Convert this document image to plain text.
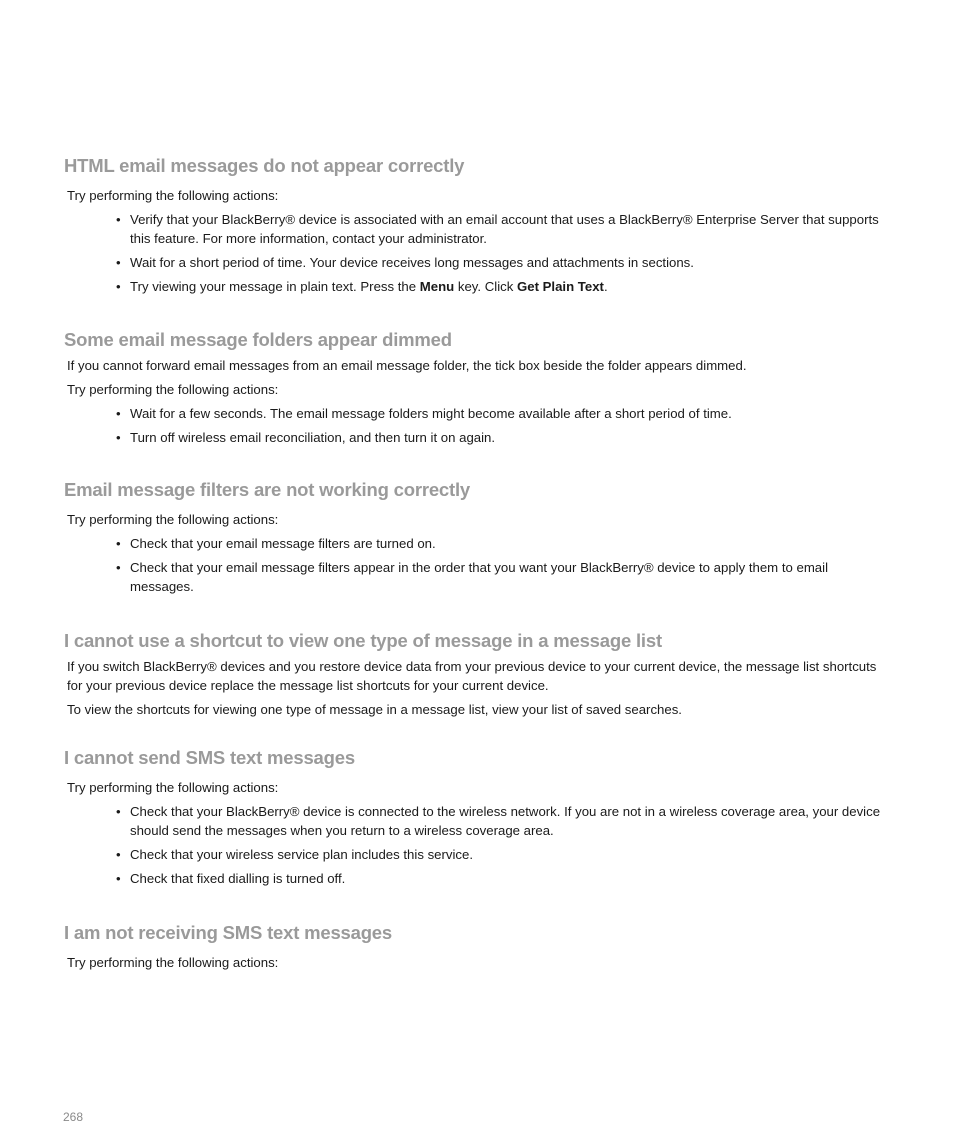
HTML email messages do not appear correctly

Try performing the following actions:

• Verify that your BlackBerry® device is associated with an email account that uses a BlackBerry® Enterprise Server that supports this feature. For more information, contact your administrator.
• Wait for a short period of time. Your device receives long messages and attachments in sections.
• Try viewing your message in plain text. Press the Menu key. Click Get Plain Text.
Some email message folders appear dimmed

If you cannot forward email messages from an email message folder, the tick box beside the folder appears dimmed.

Try performing the following actions:

• Wait for a few seconds. The email message folders might become available after a short period of time.
• Turn off wireless email reconciliation, and then turn it on again.
Email message filters are not working correctly

Try performing the following actions:

• Check that your email message filters are turned on.
• Check that your email message filters appear in the order that you want your BlackBerry® device to apply them to email messages.
I cannot use a shortcut to view one type of message in a message list

If you switch BlackBerry® devices and you restore device data from your previous device to your current device, the message list shortcuts for your previous device replace the message list shortcuts for your current device.

To view the shortcuts for viewing one type of message in a message list, view your list of saved searches.

I cannot send SMS text messages

Try performing the following actions:

• Check that your BlackBerry® device is connected to the wireless network. If you are not in a wireless coverage area, your device should send the messages when you return to a wireless coverage area.
• Check that your wireless service plan includes this service.
• Check that fixed dialling is turned off.
I am not receiving SMS text messages

Try performing the following actions:

268
